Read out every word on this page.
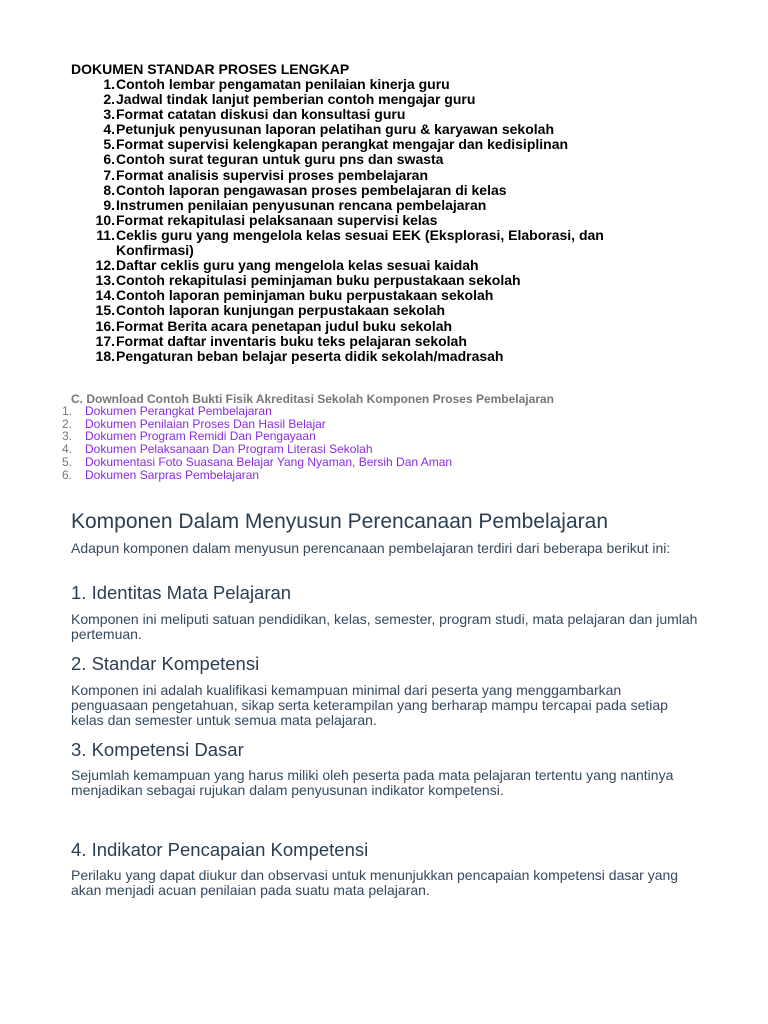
DOKUMEN STANDAR PROSES LENGKAP
1. Contoh lembar pengamatan penilaian kinerja guru
2. Jadwal tindak lanjut pemberian contoh mengajar guru
3. Format catatan diskusi dan konsultasi guru
4. Petunjuk penyusunan laporan pelatihan guru & karyawan sekolah
5. Format supervisi kelengkapan perangkat mengajar dan kedisiplinan
6. Contoh surat teguran untuk guru pns dan swasta
7. Format analisis supervisi proses pembelajaran
8. Contoh laporan pengawasan proses pembelajaran di kelas
9. Instrumen penilaian penyusunan rencana pembelajaran
10. Format rekapitulasi pelaksanaan supervisi kelas
11. Ceklis guru yang mengelola kelas sesuai EEK (Eksplorasi, Elaborasi, dan Konfirmasi)
12. Daftar ceklis guru yang mengelola kelas sesuai kaidah
13. Contoh rekapitulasi peminjaman buku perpustakaan sekolah
14. Contoh laporan peminjaman buku perpustakaan sekolah
15. Contoh laporan kunjungan perpustakaan sekolah
16. Format Berita acara penetapan judul buku sekolah
17. Format daftar inventaris buku teks pelajaran sekolah
18. Pengaturan beban belajar peserta didik sekolah/madrasah
C. Download Contoh Bukti Fisik Akreditasi Sekolah Komponen Proses Pembelajaran
1.	Dokumen Perangkat Pembelajaran
2.	Dokumen Penilaian Proses Dan Hasil Belajar
3.	Dokumen Program Remidi Dan Pengayaan
4.	Dokumen Pelaksanaan Dan Program Literasi Sekolah
5.	Dokumentasi Foto Suasana Belajar Yang Nyaman, Bersih Dan Aman
6.	Dokumen Sarpras Pembelajaran
Komponen Dalam Menyusun Perencanaan Pembelajaran

Adapun komponen dalam menyusun perencanaan pembelajaran terdiri dari beberapa berikut ini:

1. Identitas Mata Pelajaran

Komponen ini meliputi satuan pendidikan, kelas, semester, program studi, mata pelajaran dan jumlah pertemuan.

2. Standar Kompetensi

Komponen ini adalah kualifikasi kemampuan minimal dari peserta yang menggambarkan penguasaan pengetahuan, sikap serta keterampilan yang berharap mampu tercapai pada setiap kelas dan semester untuk semua mata pelajaran.

3. Kompetensi Dasar

Sejumlah kemampuan yang harus miliki oleh peserta pada mata pelajaran tertentu yang nantinya menjadikan sebagai rujukan dalam penyusunan indikator kompetensi.

4. Indikator Pencapaian Kompetensi

Perilaku yang dapat diukur dan observasi untuk menunjukkan pencapaian kompetensi dasar yang akan menjadi acuan penilaian pada suatu mata pelajaran.
